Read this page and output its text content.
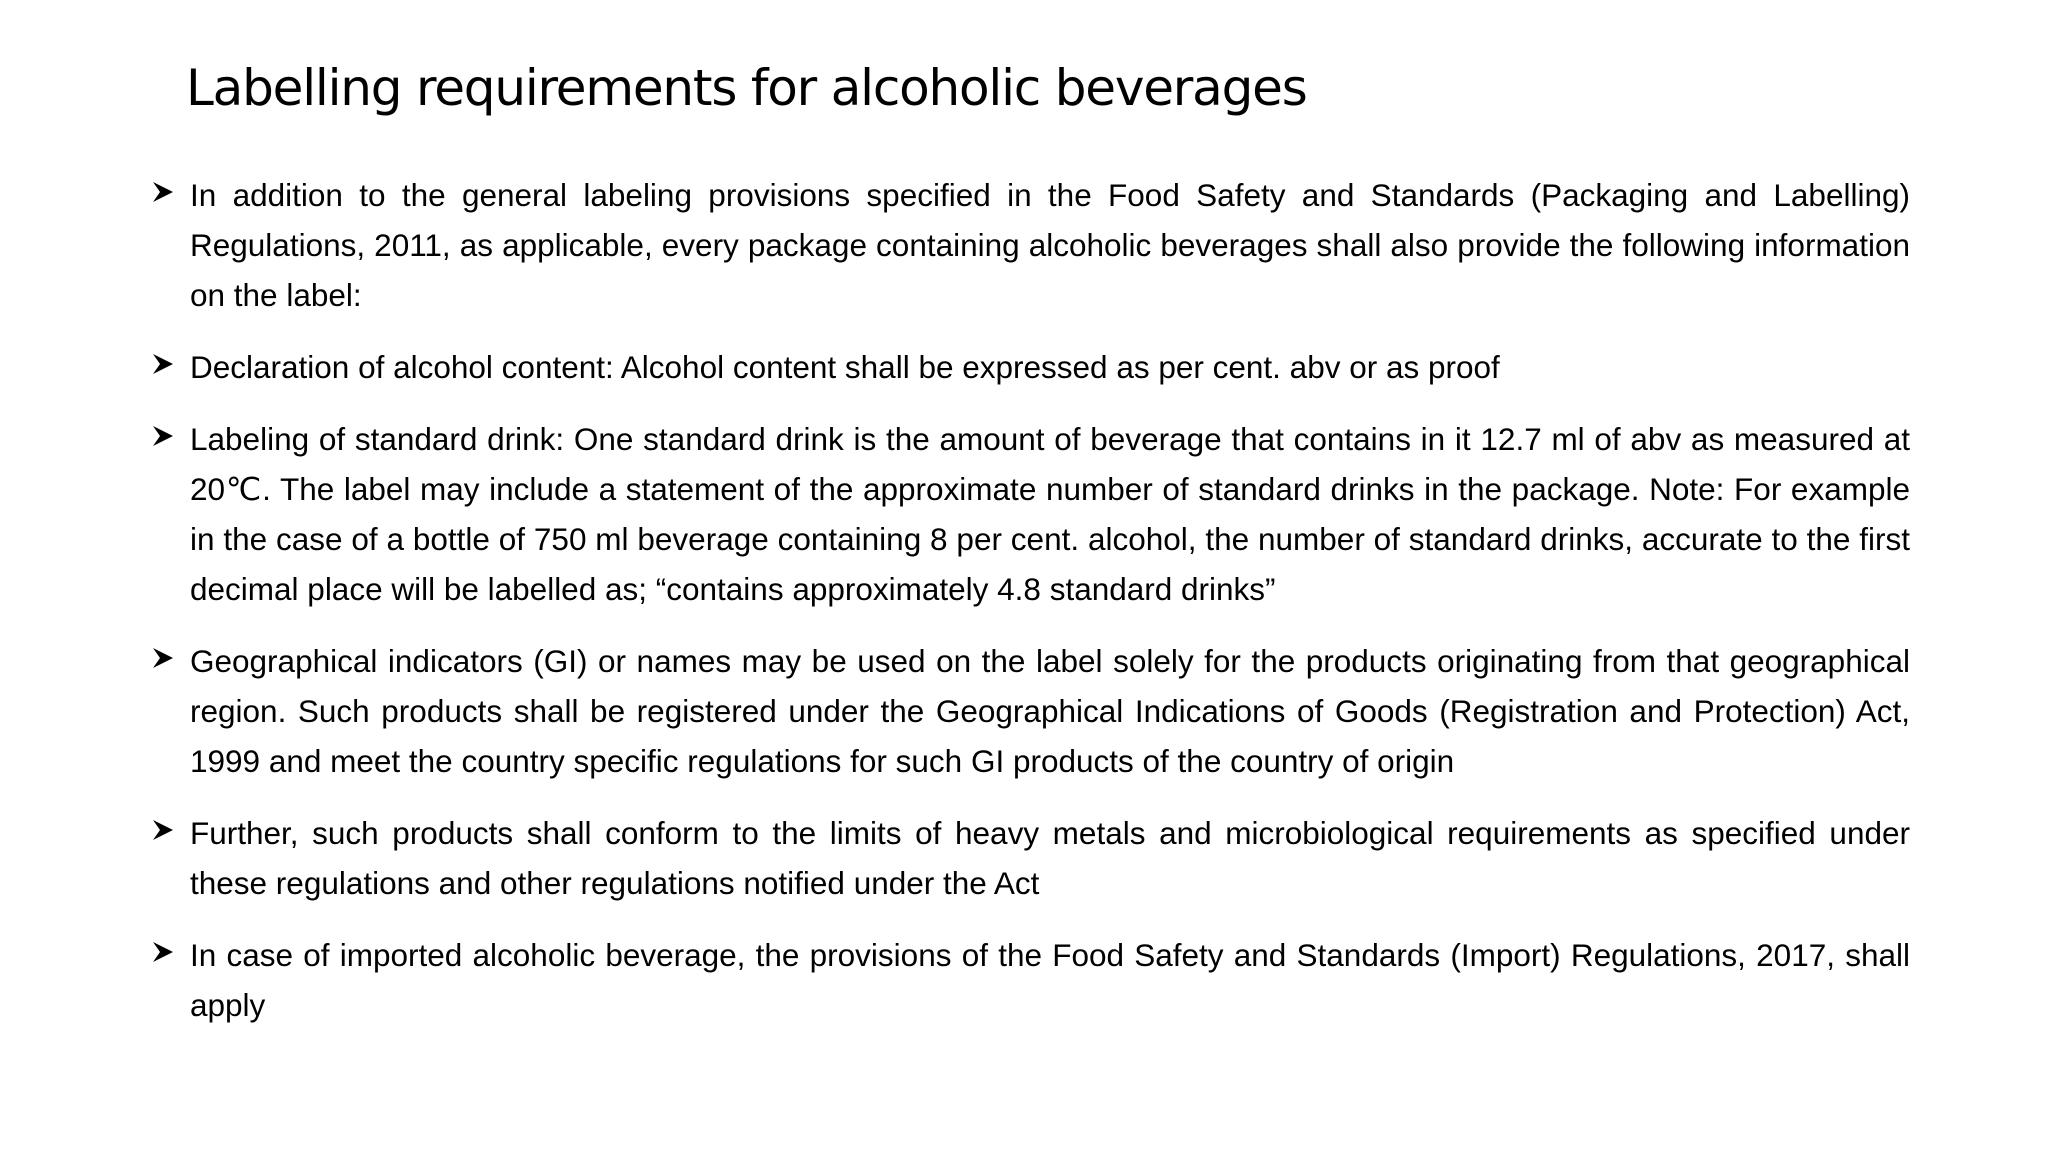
Labelling requirements for alcoholic beverages
In addition to the general labeling provisions specified in the Food Safety and Standards (Packaging and Labelling) Regulations, 2011, as applicable, every package containing alcoholic beverages shall also provide the following information on the label:
Declaration of alcohol content: Alcohol content shall be expressed as per cent. abv or as proof
Labeling of standard drink: One standard drink is the amount of beverage that contains in it 12.7 ml of abv as measured at 20℃. The label may include a statement of the approximate number of standard drinks in the package. Note: For example in the case of a bottle of 750 ml beverage containing 8 per cent. alcohol, the number of standard drinks, accurate to the first decimal place will be labelled as; “contains approximately 4.8 standard drinks”
Geographical indicators (GI) or names may be used on the label solely for the products originating from that geographical region. Such products shall be registered under the Geographical Indications of Goods (Registration and Protection) Act, 1999 and meet the country specific regulations for such GI products of the country of origin
Further, such products shall conform to the limits of heavy metals and microbiological requirements as specified under these regulations and other regulations notified under the Act
In case of imported alcoholic beverage, the provisions of the Food Safety and Standards (Import) Regulations, 2017, shall apply
